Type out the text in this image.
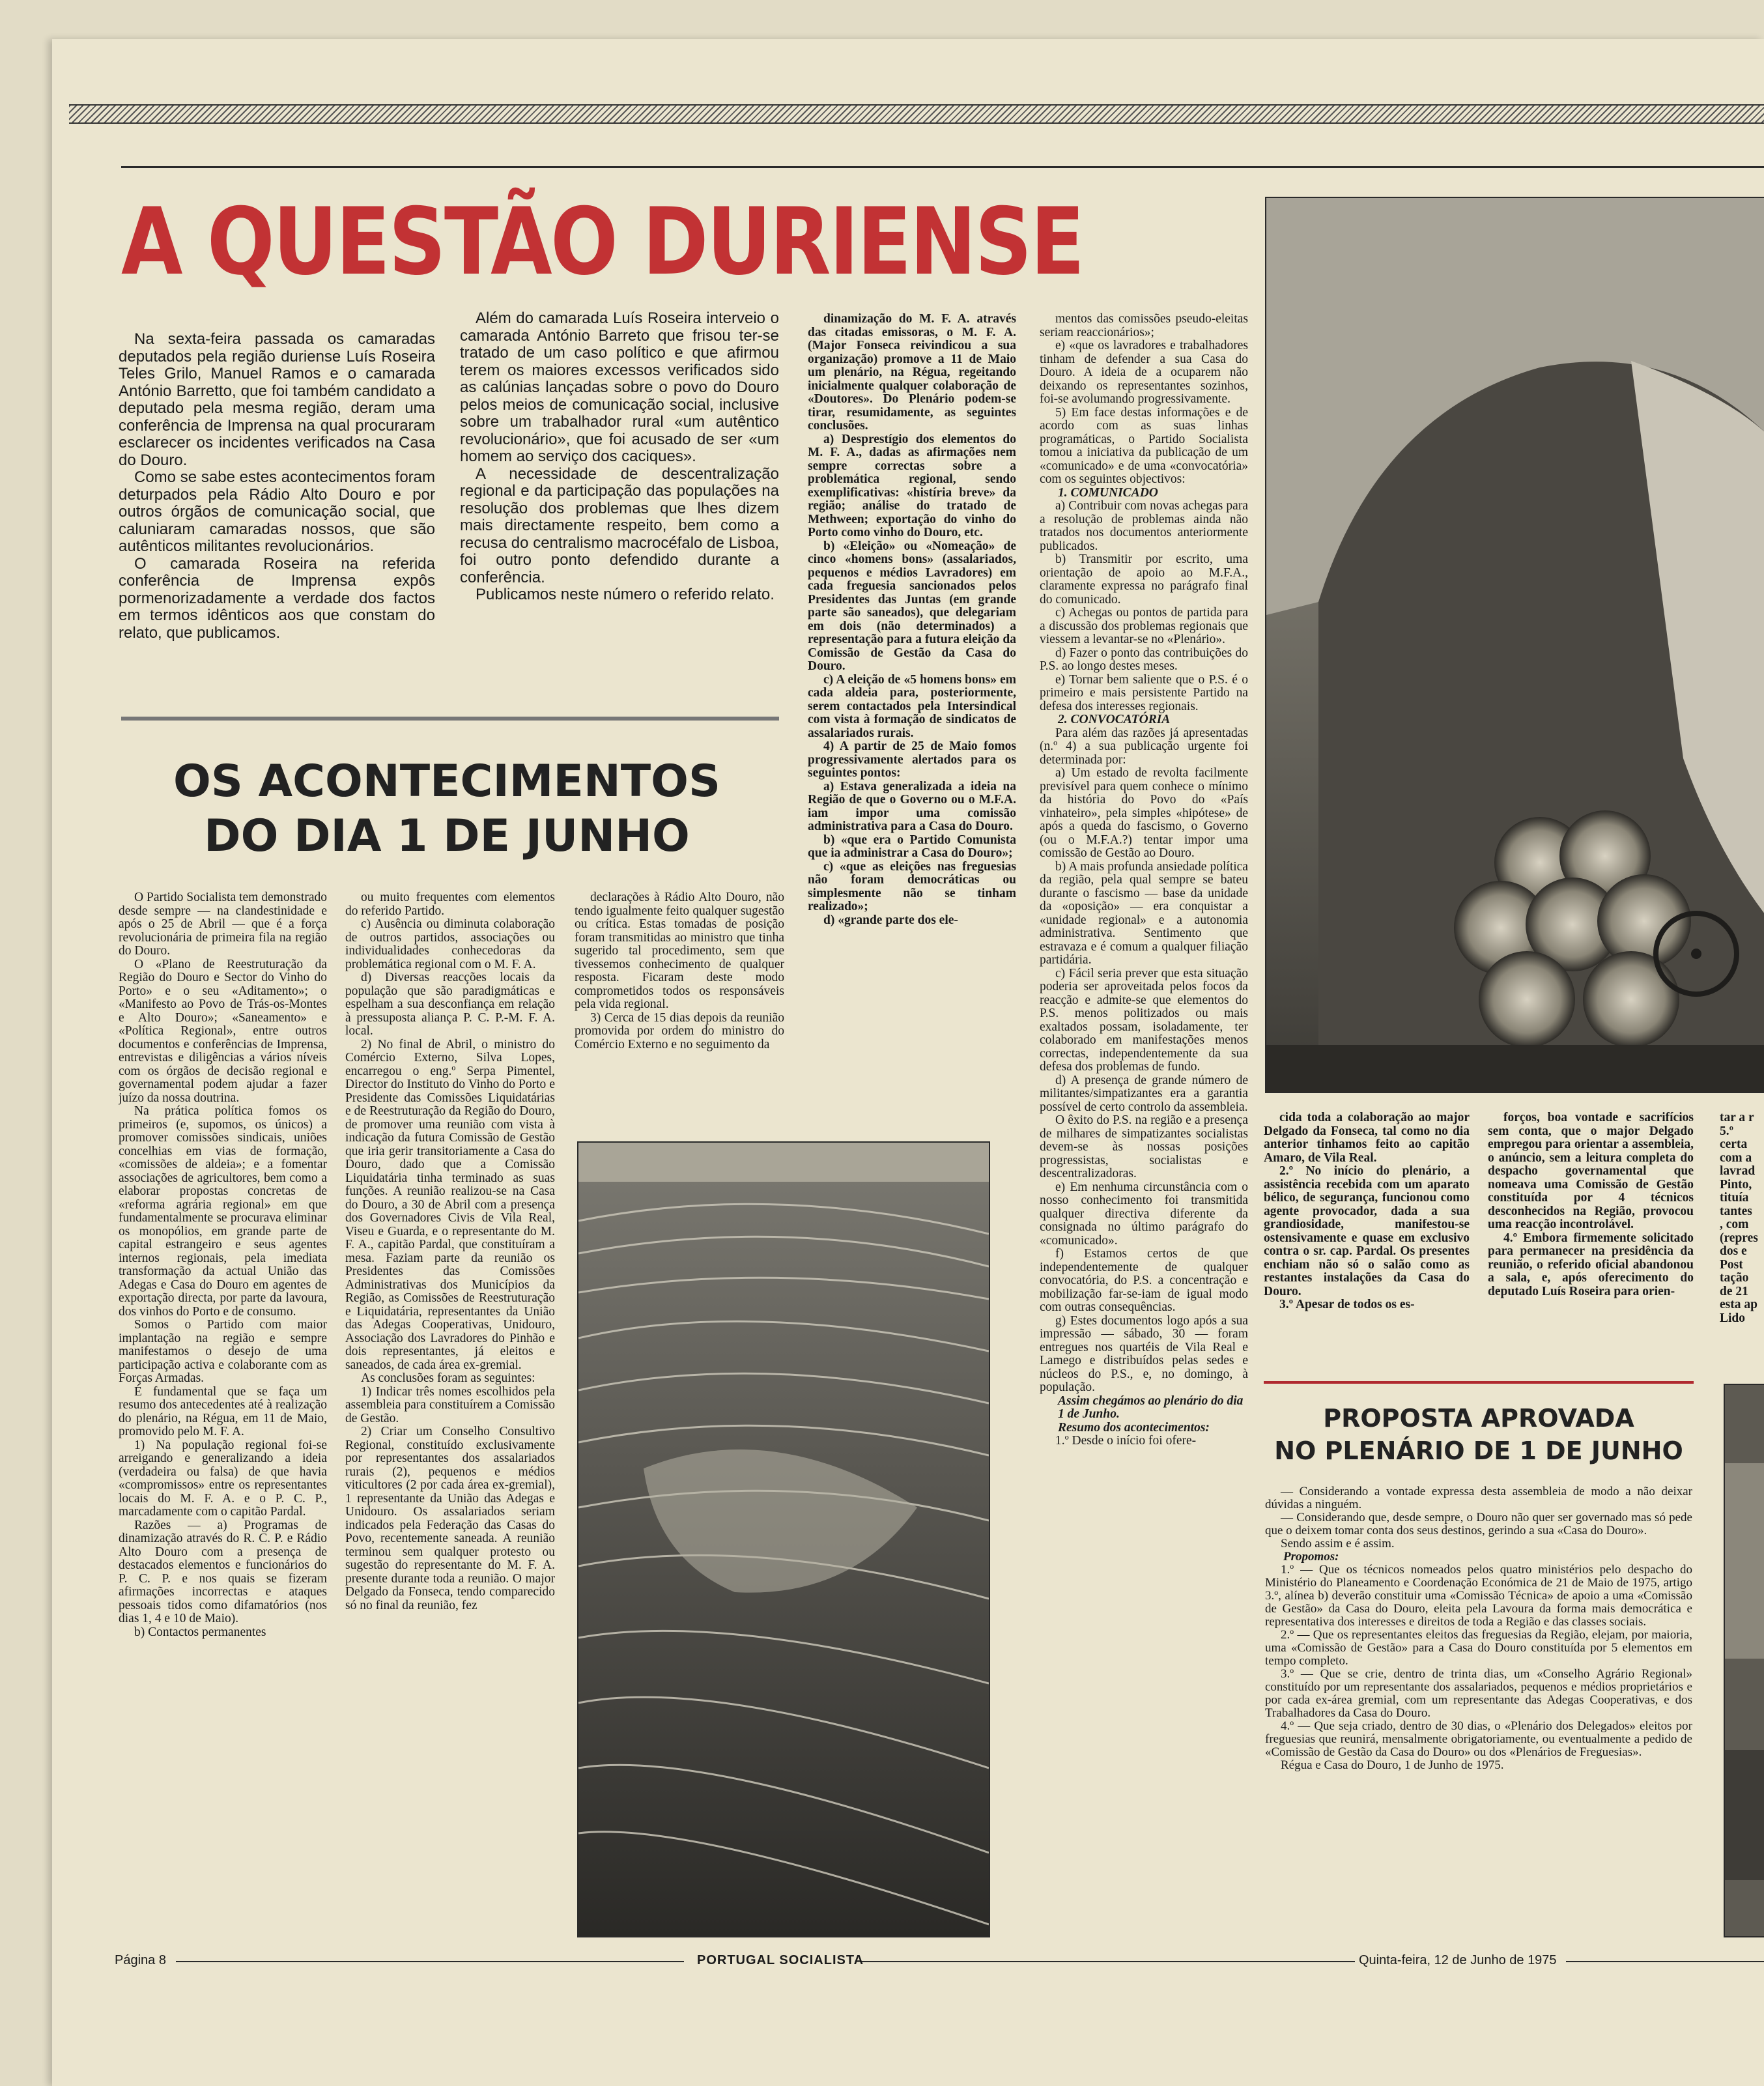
A QUESTÃO DURIENSE

Na sexta-feira passada os camaradas deputados pela região duriense Luís Roseira Teles Grilo, Manuel Ramos e o camarada António Barretto, que foi também candidato a deputado pela mesma região, deram uma conferência de Imprensa na qual procuraram esclarecer os incidentes verificados na Casa do Douro.

Como se sabe estes acontecimentos foram deturpados pela Rádio Alto Douro e por outros órgãos de comunicação social, que caluniaram camaradas nossos, que são autênticos militantes revolucionários.

O camarada Roseira na referida conferência de Imprensa expôs pormenorizadamente a verdade dos factos em termos idênticos aos que constam do relato, que publicamos.

Além do camarada Luís Roseira interveio o camarada António Barreto que frisou ter-se tratado de um caso político e que afirmou terem os maiores excessos verificados sido as calúnias lançadas sobre o povo do Douro pelos meios de comunicação social, inclusive sobre um trabalhador rural «um autêntico revolucionário», que foi acusado de ser «um homem ao serviço dos caciques».

A necessidade de descentralização regional e da participação das populações na resolução dos problemas que lhes dizem mais directamente respeito, bem como a recusa do centralismo macrocéfalo de Lisboa, foi outro ponto defendido durante a conferência.

Publicamos neste número o referido relato.

OS ACONTECIMENTOS
DO DIA 1 DE JUNHO

O Partido Socialista tem demonstrado desde sempre — na clandestinidade e após o 25 de Abril — que é a força revolucionária de primeira fila na região do Douro.

O «Plano de Reestruturação da Região do Douro e Sector do Vinho do Porto» e o seu «Aditamento»; o «Manifesto ao Povo de Trás-os-Montes e Alto Douro»; «Saneamento» e «Política Regional», entre outros documentos e conferências de Imprensa, entrevistas e diligências a vários níveis com os órgãos de decisão regional e governamental podem ajudar a fazer juízo da nossa doutrina.

Na prática política fomos os primeiros (e, supomos, os únicos) a promover comissões sindicais, uniões concelhias em vias de formação, «comissões de aldeia»; e a fomentar associações de agricultores, bem como a elaborar propostas concretas de «reforma agrária regional» em que fundamentalmente se procurava eliminar os monopólios, em grande parte de capital estrangeiro e seus agentes internos regionais, pela imediata transformação da actual União das Adegas e Casa do Douro em agentes de exportação directa, por parte da lavoura, dos vinhos do Porto e de consumo.

Somos o Partido com maior implantação na região e sempre manifestamos o desejo de uma participação activa e colaborante com as Forças Armadas.

É fundamental que se faça um resumo dos antecedentes até à realização do plenário, na Régua, em 11 de Maio, promovido pelo M. F. A.

1) Na população regional foi-se arreigando e generalizando a ideia (verdadeira ou falsa) de que havia «compromissos» entre os representantes locais do M. F. A. e o P. C. P., marcadamente com o capitão Pardal.

Razões — a) Programas de dinamização através do R. C. P. e Rádio Alto Douro com a presença de destacados elementos e funcionários do P. C. P. e nos quais se fizeram afirmações incorrectas e ataques pessoais tidos como difamatórios (nos dias 1, 4 e 10 de Maio).

b) Contactos permanentes

ou muito frequentes com elementos do referido Partido.

c) Ausência ou diminuta colaboração de outros partidos, associações ou individualidades conhecedoras da problemática regional com o M. F. A.

d) Diversas reacções locais da população que são paradigmáticas e espelham a sua desconfiança em relação à pressuposta aliança P. C. P.-M. F. A. local.

2) No final de Abril, o ministro do Comércio Externo, Silva Lopes, encarregou o eng.º Serpa Pimentel, Director do Instituto do Vinho do Porto e Presidente das Comissões Liquidatárias e de Reestruturação da Região do Douro, de promover uma reunião com vista à indicação da futura Comissão de Gestão que iria gerir transitoriamente a Casa do Douro, dado que a Comissão Liquidatária tinha terminado as suas funções. A reunião realizou-se na Casa do Douro, a 30 de Abril com a presença dos Governadores Civis de Vila Real, Viseu e Guarda, e o representante do M. F. A., capitão Pardal, que constituíram a mesa. Faziam parte da reunião os Presidentes das Comissões Administrativas dos Municípios da Região, as Comissões de Reestruturação e Liquidatária, representantes da União das Adegas Cooperativas, Unidouro, Associação dos Lavradores do Pinhão e dois representantes, já eleitos e saneados, de cada área ex-gremial.

As conclusões foram as seguintes:

1) Indicar três nomes escolhidos pela assembleia para constituírem a Comissão de Gestão.

2) Criar um Conselho Consultivo Regional, constituído exclusivamente por representantes dos assalariados rurais (2), pequenos e médios viticultores (2 por cada área ex-gremial), 1 representante da União das Adegas e Unidouro. Os assalariados seriam indicados pela Federação das Casas do Povo, recentemente saneada. A reunião terminou sem qualquer protesto ou sugestão do representante do M. F. A. presente durante toda a reunião. O major Delgado da Fonseca, tendo comparecido só no final da reunião, fez

declarações à Rádio Alto Douro, não tendo igualmente feito qualquer sugestão ou crítica. Estas tomadas de posição foram transmitidas ao ministro que tinha sugerido tal procedimento, sem que tivessemos conhecimento de qualquer resposta. Ficaram deste modo comprometidos todos os responsáveis pela vida regional.

3) Cerca de 15 dias depois da reunião promovida por ordem do ministro do Comércio Externo e no seguimento da

dinamização do M. F. A. através das citadas emissoras, o M. F. A. (Major Fonseca reivindicou a sua organização) promove a 11 de Maio um plenário, na Régua, regeitando inicialmente qualquer colaboração de «Doutores». Do Plenário podem-se tirar, resumidamente, as seguintes conclusões.

a) Desprestígio dos elementos do M. F. A., dadas as afirmações nem sempre correctas sobre a problemática regional, sendo exemplificativas: «histíria breve» da região; análise do tratado de Methween; exportação do vinho do Porto como vinho do Douro, etc.

b) «Eleição» ou «Nomeação» de cinco «homens bons» (assalariados, pequenos e médios Lavradores) em cada freguesia sancionados pelos Presidentes das Juntas (em grande parte são saneados), que delegariam em dois (não determinados) a representação para a futura eleição da Comissão de Gestão da Casa do Douro.

c) A eleição de «5 homens bons» em cada aldeia para, posteriormente, serem contactados pela Intersindical com vista à formação de sindicatos de assalariados rurais.

4) A partir de 25 de Maio fomos progressivamente alertados para os seguintes pontos:

a) Estava generalizada a ideia na Região de que o Governo ou o M.F.A. iam impor uma comissão administrativa para a Casa do Douro.

b) «que era o Partido Comunista que ia administrar a Casa do Douro»;

c) «que as eleições nas freguesias não foram democráticas ou simplesmente não se tinham realizado»;

d) «grande parte dos ele-

mentos das comissões pseudo-eleitas seriam reaccionários»;

e) «que os lavradores e trabalhadores tinham de defender a sua Casa do Douro. A ideia de a ocuparem não deixando os representantes sozinhos, foi-se avolumando progressivamente.

5) Em face destas informações e de acordo com as suas linhas programáticas, o Partido Socialista tomou a iniciativa da publicação de um «comunicado» e de uma «convocatória» com os seguintes objectivos:

1. COMUNICADO

a) Contribuir com novas achegas para a resolução de problemas ainda não tratados nos documentos anteriormente publicados.

b) Transmitir por escrito, uma orientação de apoio ao M.F.A., claramente expressa no parágrafo final do comunicado.

c) Achegas ou pontos de partida para a discussão dos problemas regionais que viessem a levantar-se no «Plenário».

d) Fazer o ponto das contribuições do P.S. ao longo destes meses.

e) Tornar bem saliente que o P.S. é o primeiro e mais persistente Partido na defesa dos interesses regionais.

2. CONVOCATÓRIA

Para além das razões já apresentadas (n.º 4) a sua publicação urgente foi determinada por:

a) Um estado de revolta facilmente previsível para quem conhece o mínimo da história do Povo do «País vinhateiro», pela simples «hipótese» de após a queda do fascismo, o Governo (ou o M.F.A.?) tentar impor uma comissão de Gestão ao Douro.

b) A mais profunda ansiedade política da região, pela qual sempre se bateu durante o fascismo — base da unidade da «oposição» — era conquistar a «unidade regional» e a autonomia administrativa. Sentimento que estravaza e é comum a qualquer filiação partidária.

c) Fácil seria prever que esta situação poderia ser aproveitada pelos focos da reacção e admite-se que elementos do P.S. menos politizados ou mais exaltados possam, isoladamente, ter colaborado em manifestações menos correctas, independentemente da sua defesa dos problemas de fundo.

d) A presença de grande número de militantes/simpatizantes era a garantia possível de certo controlo da assembleia.

O êxito do P.S. na região e a presença de milhares de simpatizantes socialistas devem-se às nossas posições progressistas, socialistas e descentralizadoras.

e) Em nenhuma circunstância com o nosso conhecimento foi transmitida qualquer directiva diferente da consignada no último parágrafo do «comunicado».

f) Estamos certos de que independentemente de qualquer convocatória, do P.S. a concentração e mobilização far-se-iam de igual modo com outras consequências.

g) Estes documentos logo após a sua impressão — sábado, 30 — foram entregues nos quartéis de Vila Real e Lamego e distribuídos pelas sedes e núcleos do P.S., e, no domingo, à população.

Assim chegámos ao plenário do dia 1 de Junho.

Resumo dos acontecimentos:

1.º Desde o início foi ofere-

cida toda a colaboração ao major Delgado da Fonseca, tal como no dia anterior tinhamos feito ao capitão Amaro, de Vila Real.

2.º No início do plenário, a assistência recebida com um aparato bélico, de segurança, funcionou como agente provocador, dada a sua grandiosidade, manifestou-se ostensivamente e quase em exclusivo contra o sr. cap. Pardal. Os presentes enchiam não só o salão como as restantes instalações da Casa do Douro.

3.º Apesar de todos os es-

forços, boa vontade e sacrifícios sem conta, que o major Delgado empregou para orientar a assembleia, o anúncio, sem a leitura completa do despacho governamental que nomeava uma Comissão de Gestão constituída por 4 técnicos desconhecidos na Região, provocou uma reacção incontrolável.

4.º Embora firmemente solicitado para permanecer na presidência da reunião, o referido oficial abandonou a sala, e, após oferecimento do deputado Luís Roseira para orien-

tar a r

5.º

certa

com a

lavrad

Pinto,

tituía

tantes

, com

(repres

dos e

Post

tação

de 21

esta ap

Lido

PROPOSTA APROVADA
NO PLENÁRIO DE 1 DE JUNHO

— Considerando a vontade expressa desta assembleia de modo a não deixar dúvidas a ninguém.

— Considerando que, desde sempre, o Douro não quer ser governado mas só pede que o deixem tomar conta dos seus destinos, gerindo a sua «Casa do Douro».

Sendo assim e é assim.

Propomos:

1.º — Que os técnicos nomeados pelos quatro ministérios pelo despacho do Ministério do Planeamento e Coordenação Económica de 21 de Maio de 1975, artigo 3.º, alínea b) deverão constituir uma «Comissão Técnica» de apoio a uma «Comissão de Gestão» da Casa do Douro, eleita pela Lavoura da forma mais democrática e representativa dos interesses e direitos de toda a Região e das classes sociais.

2.º — Que os representantes eleitos das freguesias da Região, elejam, por maioria, uma «Comissão de Gestão» para a Casa do Douro constituída por 5 elementos em tempo completo.

3.º — Que se crie, dentro de trinta dias, um «Conselho Agrário Regional» constituído por um representante dos assalariados, pequenos e médios proprietários e por cada ex-área gremial, com um representante das Adegas Cooperativas, e dos Trabalhadores da Casa do Douro.

4.º — Que seja criado, dentro de 30 dias, o «Plenário dos Delegados» eleitos por freguesias que reunirá, mensalmente obrigatoriamente, ou eventualmente a pedido de «Comissão de Gestão da Casa do Douro» ou dos «Plenários de Freguesias».

Régua e Casa do Douro, 1 de Junho de 1975.

Página 8	PORTUGAL SOCIALISTA	Quinta-feira, 12 de Junho de 1975
